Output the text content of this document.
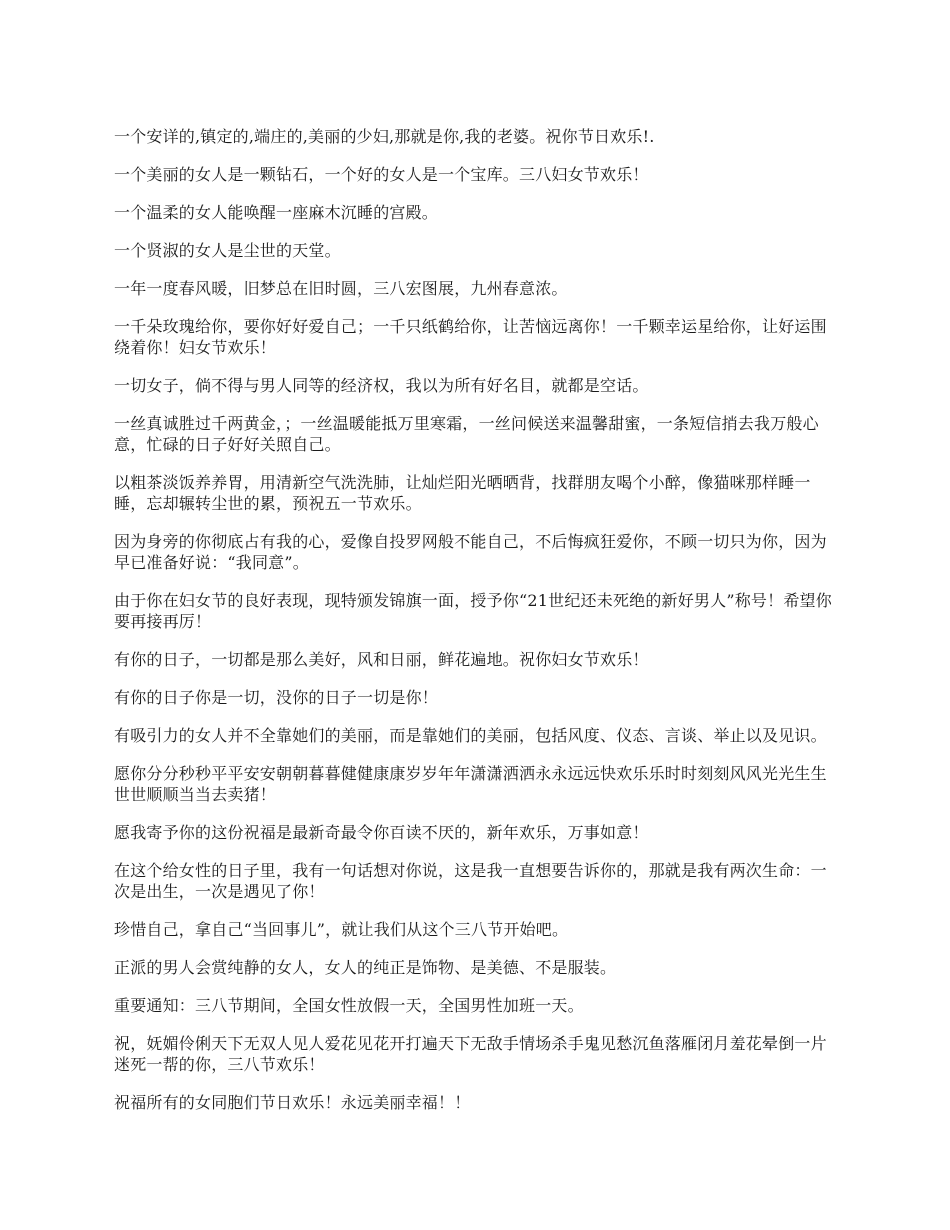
一个安详的,镇定的,端庄的,美丽的少妇,那就是你,我的老婆。祝你节日欢乐!.

一个美丽的女人是一颗钻石，一个好的女人是一个宝库。三八妇女节欢乐！

一个温柔的女人能唤醒一座麻木沉睡的宫殿。

一个贤淑的女人是尘世的天堂。

一年一度春风暖，旧梦总在旧时圆，三八宏图展，九州春意浓。

一千朵玫瑰给你，要你好好爱自己；一千只纸鹤给你，让苦恼远离你！一千颗幸运星给你，让好运围绕着你！妇女节欢乐！

一切女子，倘不得与男人同等的经济权，我以为所有好名目，就都是空话。

一丝真诚胜过千两黄金，；一丝温暖能抵万里寒霜，一丝问候送来温馨甜蜜，一条短信捎去我万般心意，忙碌的日子好好关照自己。

以粗茶淡饭养养胃，用清新空气洗洗肺，让灿烂阳光晒晒背，找群朋友喝个小醉，像猫咪那样睡一睡，忘却辗转尘世的累，预祝五一节欢乐。

因为身旁的你彻底占有我的心，爱像自投罗网般不能自己，不后悔疯狂爱你，不顾一切只为你，因为早已准备好说：“我同意”。

由于你在妇女节的良好表现，现特颁发锦旗一面，授予你“21世纪还未死绝的新好男人”称号！希望你要再接再厉！

有你的日子，一切都是那么美好，风和日丽，鲜花遍地。祝你妇女节欢乐！

有你的日子你是一切，没你的日子一切是你！

有吸引力的女人并不全靠她们的美丽，而是靠她们的美丽，包括风度、仪态、言谈、举止以及见识。

愿你分分秒秒平平安安朝朝暮暮健健康康岁岁年年潇潇洒洒永永远远快欢乐乐时时刻刻风风光光生生世世顺顺当当去卖猪！

愿我寄予你的这份祝福是最新奇最令你百读不厌的，新年欢乐，万事如意！

在这个给女性的日子里，我有一句话想对你说，这是我一直想要告诉你的，那就是我有两次生命：一次是出生，一次是遇见了你！

珍惜自己，拿自己“当回事儿”，就让我们从这个三八节开始吧。

正派的男人会赏纯静的女人，女人的纯正是饰物、是美德、不是服装。

重要通知：三八节期间，全国女性放假一天，全国男性加班一天。

祝，妩媚伶俐天下无双人见人爱花见花开打遍天下无敌手情场杀手鬼见愁沉鱼落雁闭月羞花晕倒一片迷死一帮的你，三八节欢乐！

祝福所有的女同胞们节日欢乐！永远美丽幸福！！
